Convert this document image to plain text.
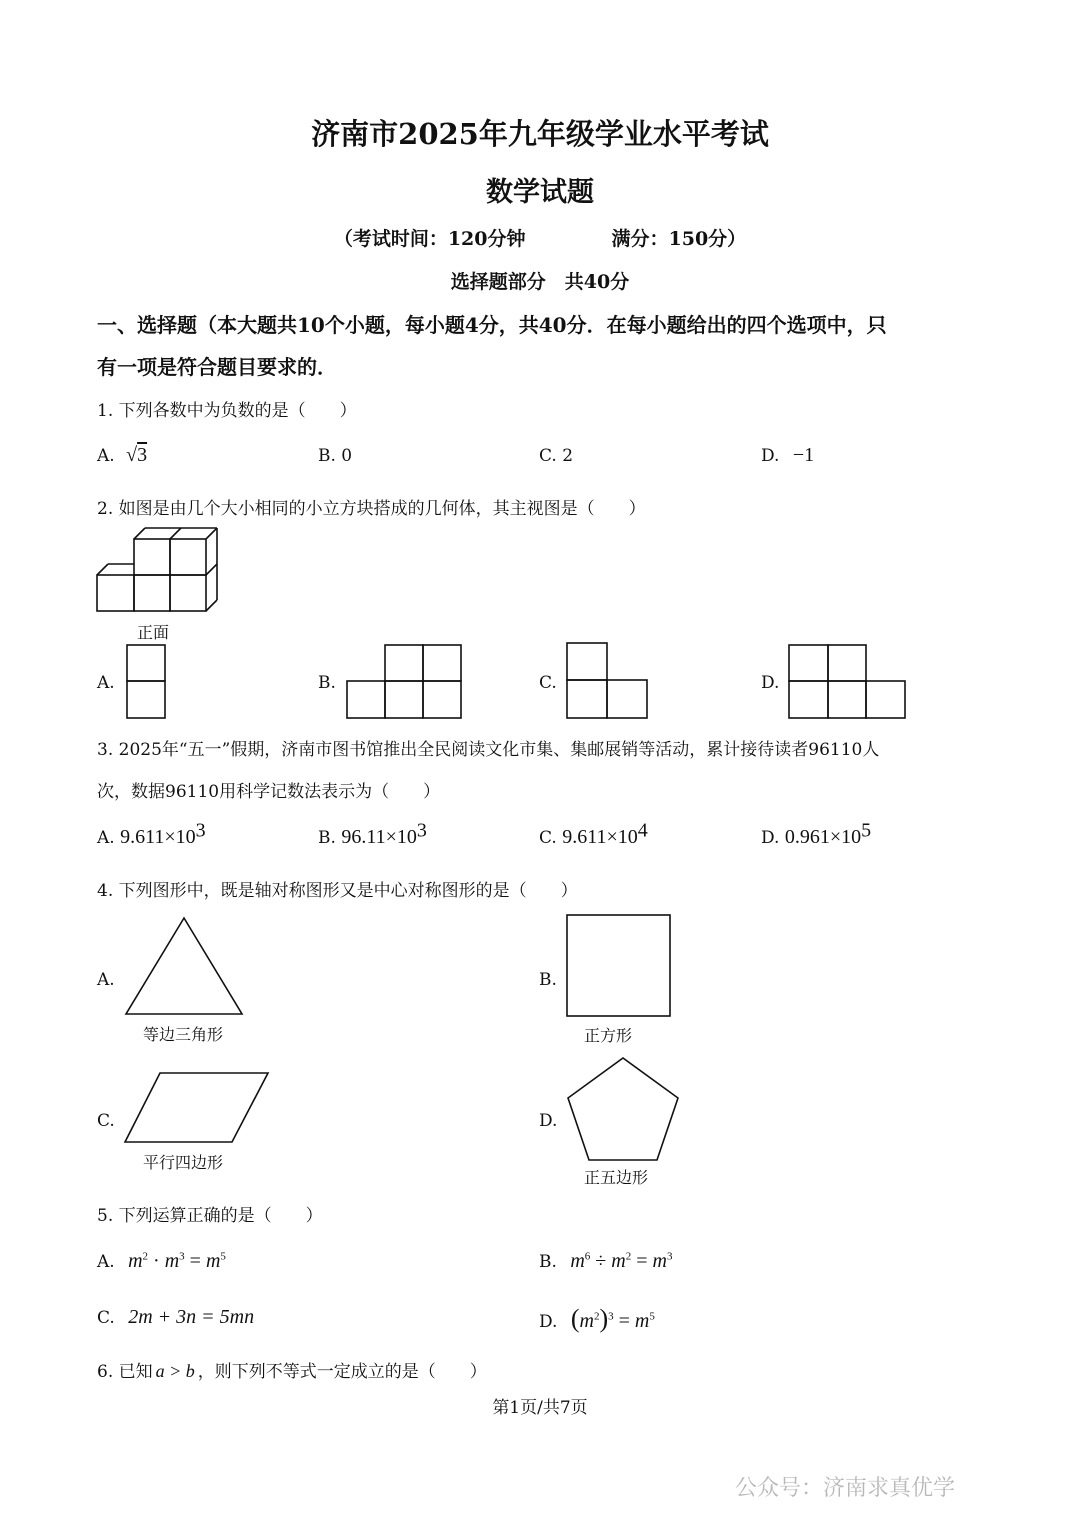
济南市2025年九年级学业水平考试
数学试题
（考试时间：120分钟	满分：150分）
选择题部分　共40分
一、选择题（本大题共10个小题，每小题4分，共40分．在每小题给出的四个选项中，只
有一项是符合题目要求的．
1. 下列各数中为负数的是（　　）
A. √3	B. 0	C. 2	D. −1
2. 如图是由几个大小相同的小立方块搭成的几何体，其主视图是（　　）
正面
A.	B.	C.	D.
3. 2025年“五一”假期，济南市图书馆推出全民阅读文化市集、集邮展销等活动，累计接待读者96110人
次，数据96110用科学记数法表示为（　　）
A. $9.611\times 10^3$	B. $96.11\times 10^3$	C. $9.611\times 10^4$	D. $0.961\times 10^5$
4. 下列图形中，既是轴对称图形又是中心对称图形的是（　　）
A.
等边三角形
B.
正方形
C.
平行四边形
D.
正五边形
5. 下列运算正确的是（　　）
A. $m^2 \cdot m^3 = m^5$	B. $m^6 \div m^2 = m^3$
C. 2m + 3n = 5mn	D. $(m^2)^3 = m^5$
6. 已知 a > b ，则下列不等式一定成立的是（　　）
第1页/共7页
公众号：济南求真优学
